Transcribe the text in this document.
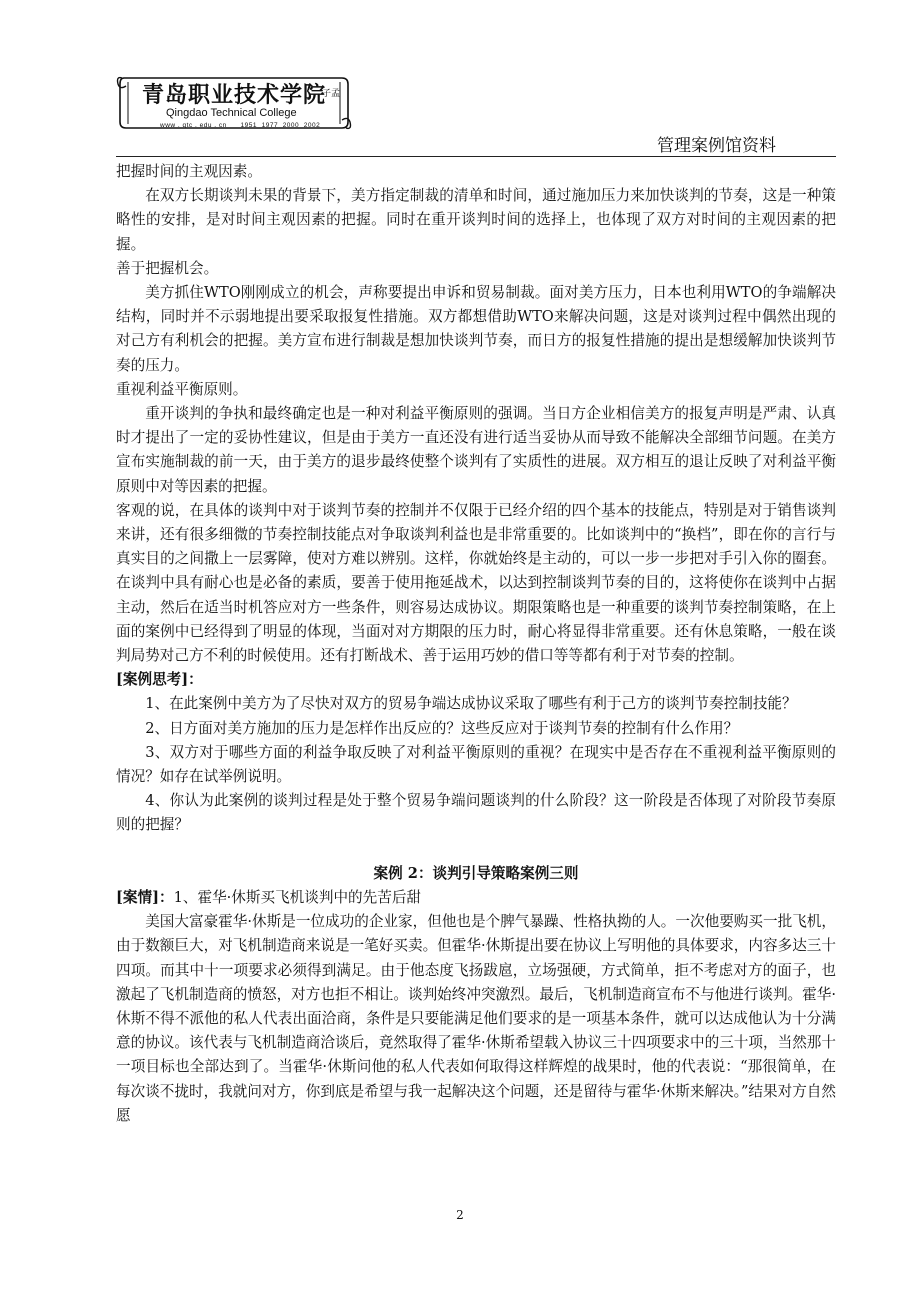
青岛职业技术学院
子孟
Qingdao Technical College
www . qtc . edu . cn      1951  1977  2000  2002
管理案例馆资料

把握时间的主观因素。

在双方长期谈判未果的背景下，美方指定制裁的清单和时间，通过施加压力来加快谈判的节奏，这是一种策略性的安排，是对时间主观因素的把握。同时在重开谈判时间的选择上，也体现了双方对时间的主观因素的把握。

善于把握机会。

美方抓住WTO刚刚成立的机会，声称要提出申诉和贸易制裁。面对美方压力，日本也利用WTO的争端解决结构，同时并不示弱地提出要采取报复性措施。双方都想借助WTO来解决问题，这是对谈判过程中偶然出现的对己方有利机会的把握。美方宣布进行制裁是想加快谈判节奏，而日方的报复性措施的提出是想缓解加快谈判节奏的压力。

重视利益平衡原则。

重开谈判的争执和最终确定也是一种对利益平衡原则的强调。当日方企业相信美方的报复声明是严肃、认真时才提出了一定的妥协性建议，但是由于美方一直还没有进行适当妥协从而导致不能解决全部细节问题。在美方宣布实施制裁的前一天，由于美方的退步最终使整个谈判有了实质性的进展。双方相互的退让反映了对利益平衡原则中对等因素的把握。

客观的说，在具体的谈判中对于谈判节奏的控制并不仅限于已经介绍的四个基本的技能点，特别是对于销售谈判来讲，还有很多细微的节奏控制技能点对争取谈判利益也是非常重要的。比如谈判中的“换档”，即在你的言行与真实目的之间撒上一层雾障，使对方难以辨别。这样，你就始终是主动的，可以一步一步把对手引入你的圈套。在谈判中具有耐心也是必备的素质，要善于使用拖延战术，以达到控制谈判节奏的目的，这将使你在谈判中占据主动，然后在适当时机答应对方一些条件，则容易达成协议。期限策略也是一种重要的谈判节奏控制策略，在上面的案例中已经得到了明显的体现，当面对对方期限的压力时，耐心将显得非常重要。还有休息策略，一般在谈判局势对己方不利的时候使用。还有打断战术、善于运用巧妙的借口等等都有利于对节奏的控制。

[案例思考]：

1、在此案例中美方为了尽快对双方的贸易争端达成协议采取了哪些有利于己方的谈判节奏控制技能？

2、日方面对美方施加的压力是怎样作出反应的？这些反应对于谈判节奏的控制有什么作用？

3、双方对于哪些方面的利益争取反映了对利益平衡原则的重视？在现实中是否存在不重视利益平衡原则的情况？如存在试举例说明。

4、你认为此案例的谈判过程是处于整个贸易争端问题谈判的什么阶段？这一阶段是否体现了对阶段节奏原则的把握？

案例 2：谈判引导策略案例三则

[案情]：1、霍华·休斯买飞机谈判中的先苦后甜

美国大富豪霍华·休斯是一位成功的企业家，但他也是个脾气暴躁、性格执拗的人。一次他要购买一批飞机，由于数额巨大，对飞机制造商来说是一笔好买卖。但霍华·休斯提出要在协议上写明他的具体要求，内容多达三十四项。而其中十一项要求必须得到满足。由于他态度飞扬跋扈，立场强硬，方式简单，拒不考虑对方的面子，也激起了飞机制造商的愤怒，对方也拒不相让。谈判始终冲突激烈。最后，飞机制造商宣布不与他进行谈判。霍华·休斯不得不派他的私人代表出面洽商，条件是只要能满足他们要求的是一项基本条件，就可以达成他认为十分满意的协议。该代表与飞机制造商洽谈后，竟然取得了霍华·休斯希望载入协议三十四项要求中的三十项，当然那十一项目标也全部达到了。当霍华·休斯问他的私人代表如何取得这样辉煌的战果时，他的代表说：“那很简单，在每次谈不拢时，我就问对方，你到底是希望与我一起解决这个问题，还是留待与霍华·休斯来解决。”结果对方自然愿

2
